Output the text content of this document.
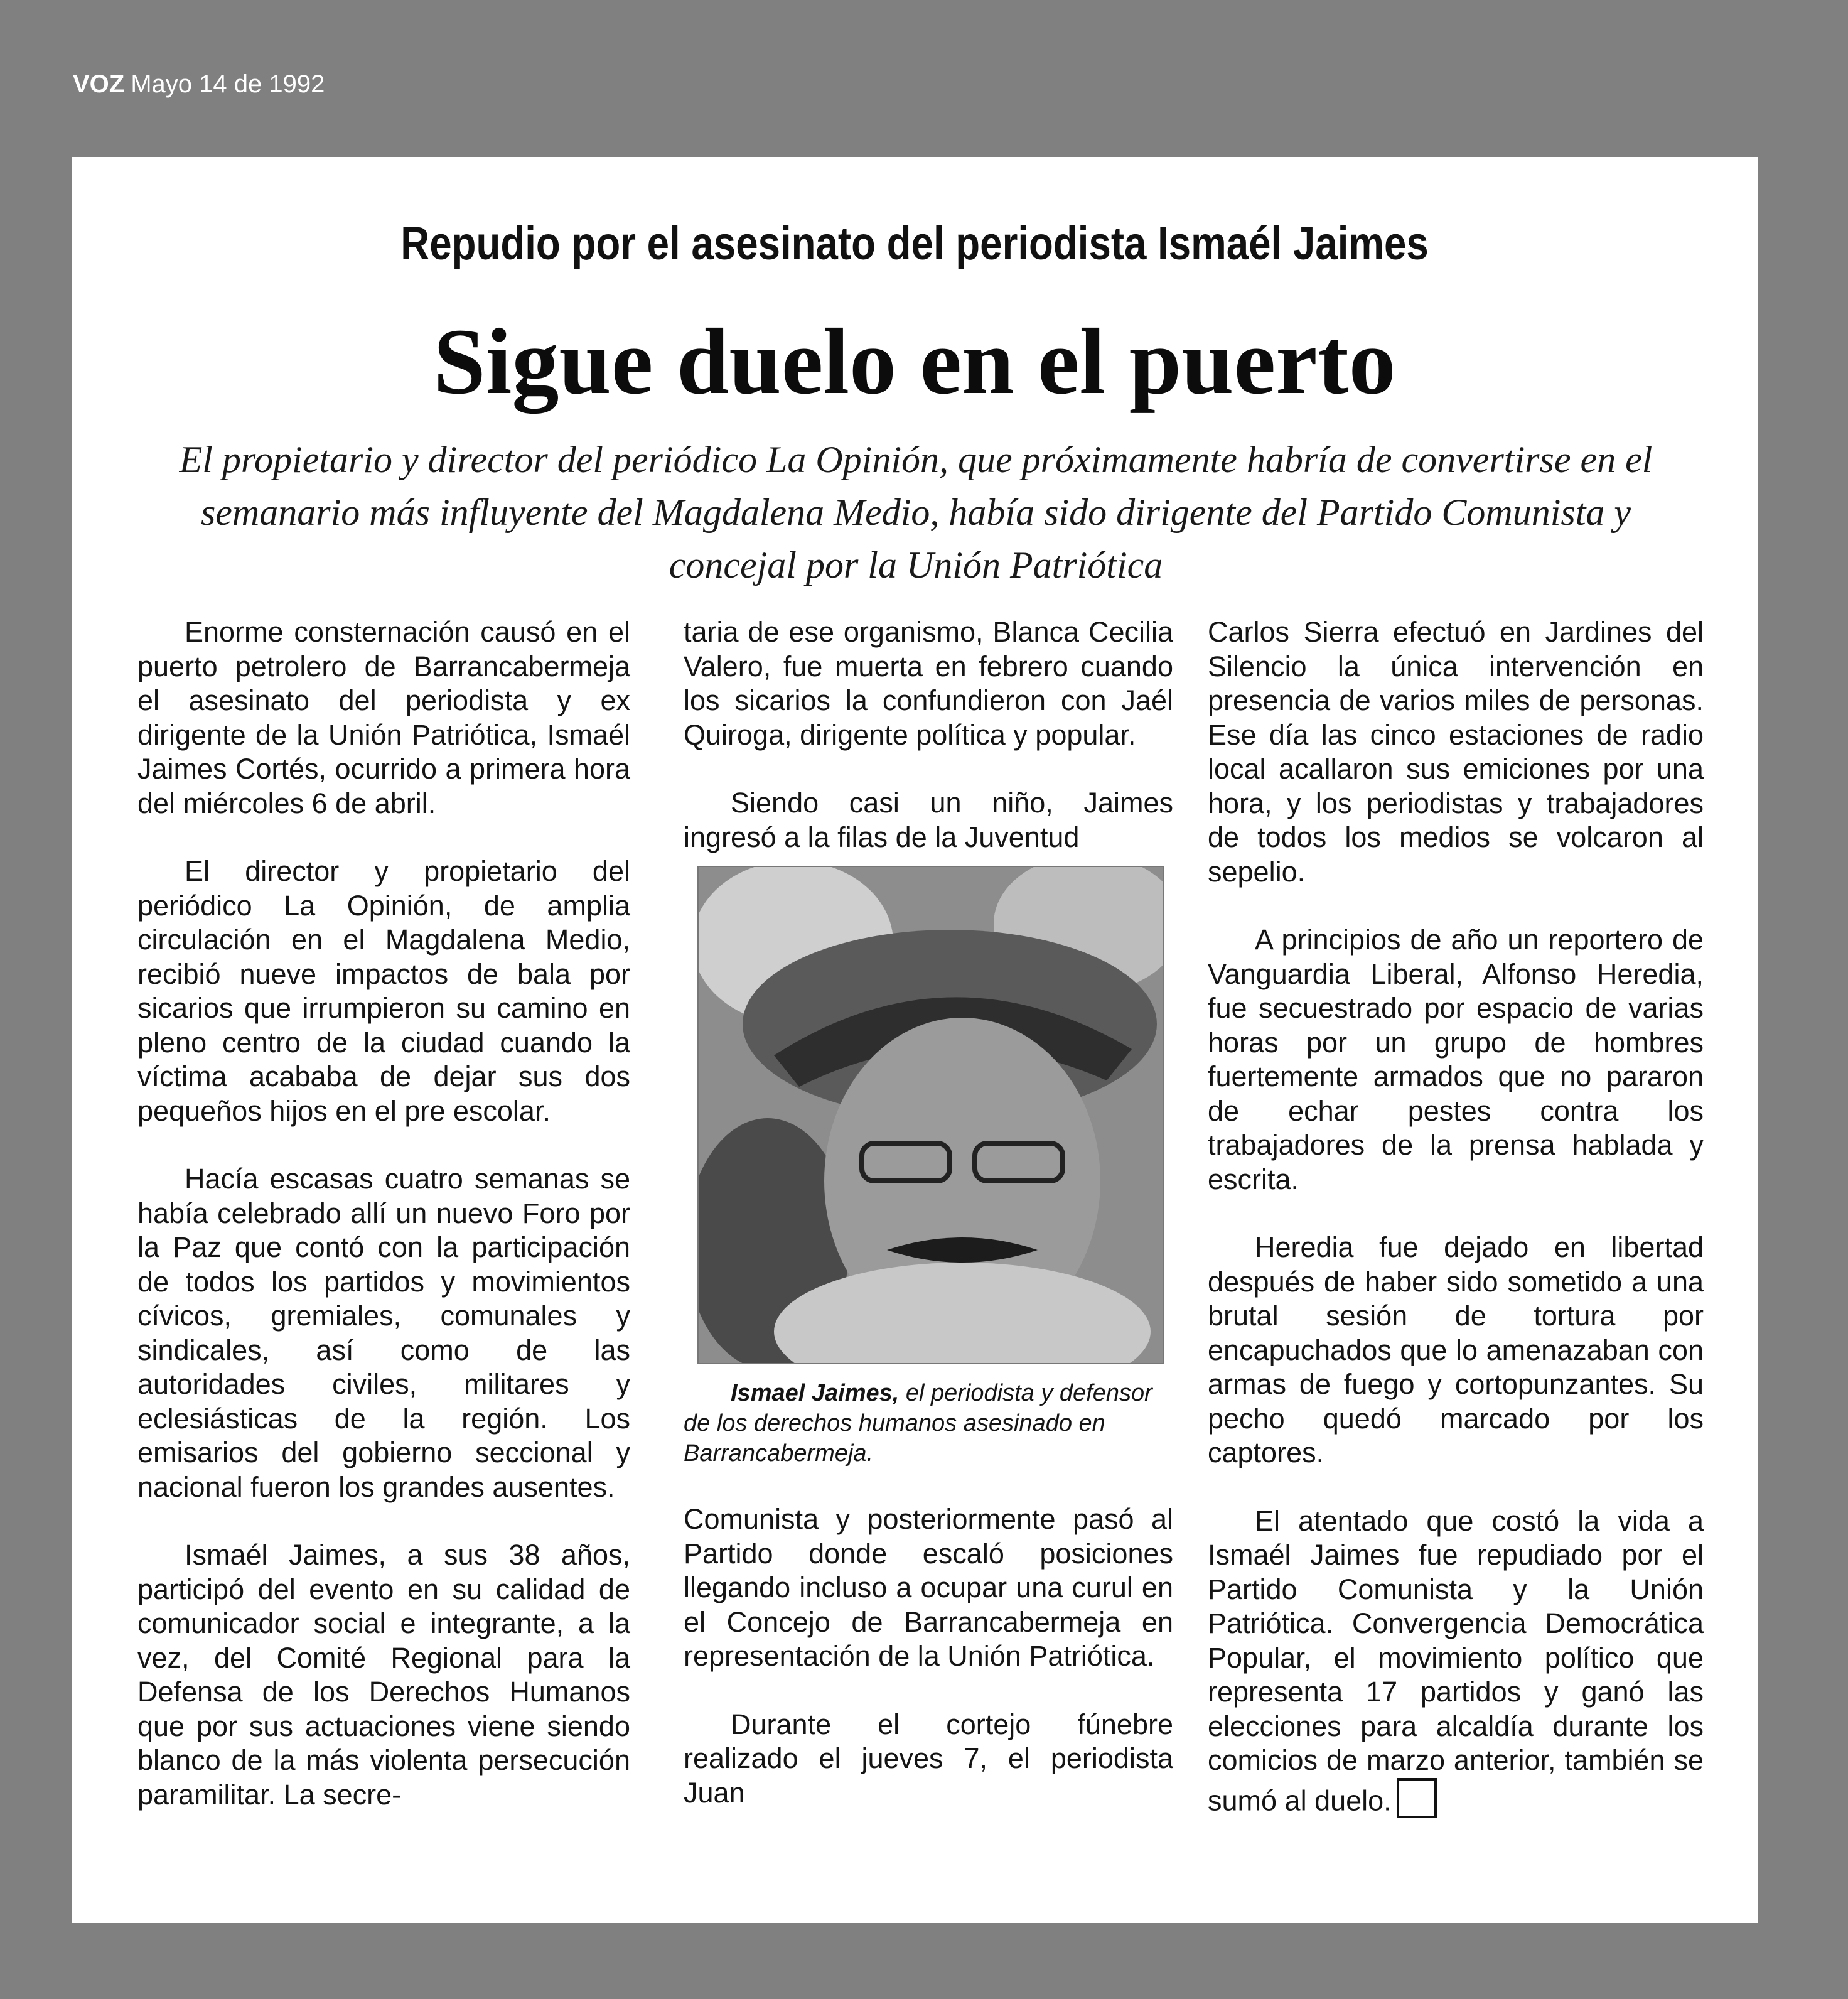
VOZ Mayo 14 de 1992
Repudio por el asesinato del periodista Ismaél Jaimes
Sigue duelo en el puerto
El propietario y director del periódico La Opinión, que próximamente habría de convertirse en el semanario más influyente del Magdalena Medio, había sido dirigente del Partido Comunista y concejal por la Unión Patriótica

Enorme consternación causó en el puerto petrolero de Barrancabermeja el asesinato del periodista y ex dirigente de la Unión Patriótica, Ismaél Jaimes Cortés, ocurrido a primera hora del miércoles 6 de abril.

El director y propietario del periódico La Opinión, de amplia circulación en el Magdalena Medio, recibió nueve impactos de bala por sicarios que irrumpieron su camino en pleno centro de la ciudad cuando la víctima acababa de dejar sus dos pequeños hijos en el pre escolar.

Hacía escasas cuatro semanas se había celebrado allí un nuevo Foro por la Paz que contó con la participación de todos los partidos y movimientos cívicos, gremiales, comunales y sindicales, así como de las autoridades civiles, militares y eclesiásticas de la región. Los emisarios del gobierno seccional y nacional fueron los grandes ausentes.

Ismaél Jaimes, a sus 38 años, participó del evento en su calidad de comunicador social e integrante, a la vez, del Comité Regional para la Defensa de los Derechos Humanos que por sus actuaciones viene siendo blanco de la más violenta persecución paramilitar. La secre-

taria de ese organismo, Blanca Cecilia Valero, fue muerta en febrero cuando los sicarios la confundieron con Jaél Quiroga, dirigente política y popular.

Siendo casi un niño, Jaimes ingresó a la filas de la Juventud

Ismael Jaimes, el periodista y defensor de los derechos humanos asesinado en Barrancabermeja.

Comunista y posteriormente pasó al Partido donde escaló posiciones llegando incluso a ocupar una curul en el Concejo de Barrancabermeja en representación de la Unión Patriótica.

Durante el cortejo fúnebre realizado el jueves 7, el periodista Juan

Carlos Sierra efectuó en Jardines del Silencio la única intervención en presencia de varios miles de personas. Ese día las cinco estaciones de radio local acallaron sus emiciones por una hora, y los periodistas y trabajadores de todos los medios se volcaron al sepelio.

A principios de año un reportero de Vanguardia Liberal, Alfonso Heredia, fue secuestrado por espacio de varias horas por un grupo de hombres fuertemente armados que no pararon de echar pestes contra los trabajadores de la prensa hablada y escrita.

Heredia fue dejado en libertad después de haber sido sometido a una brutal sesión de tortura por encapuchados que lo amenazaban con armas de fuego y cortopunzantes. Su pecho quedó marcado por los captores.

El atentado que costó la vida a Ismaél Jaimes fue repudiado por el Partido Comunista y la Unión Patriótica. Convergencia Democrática Popular, el movimiento político que representa 17 partidos y ganó las elecciones para alcaldía durante los comicios de marzo anterior, también se sumó al duelo.
